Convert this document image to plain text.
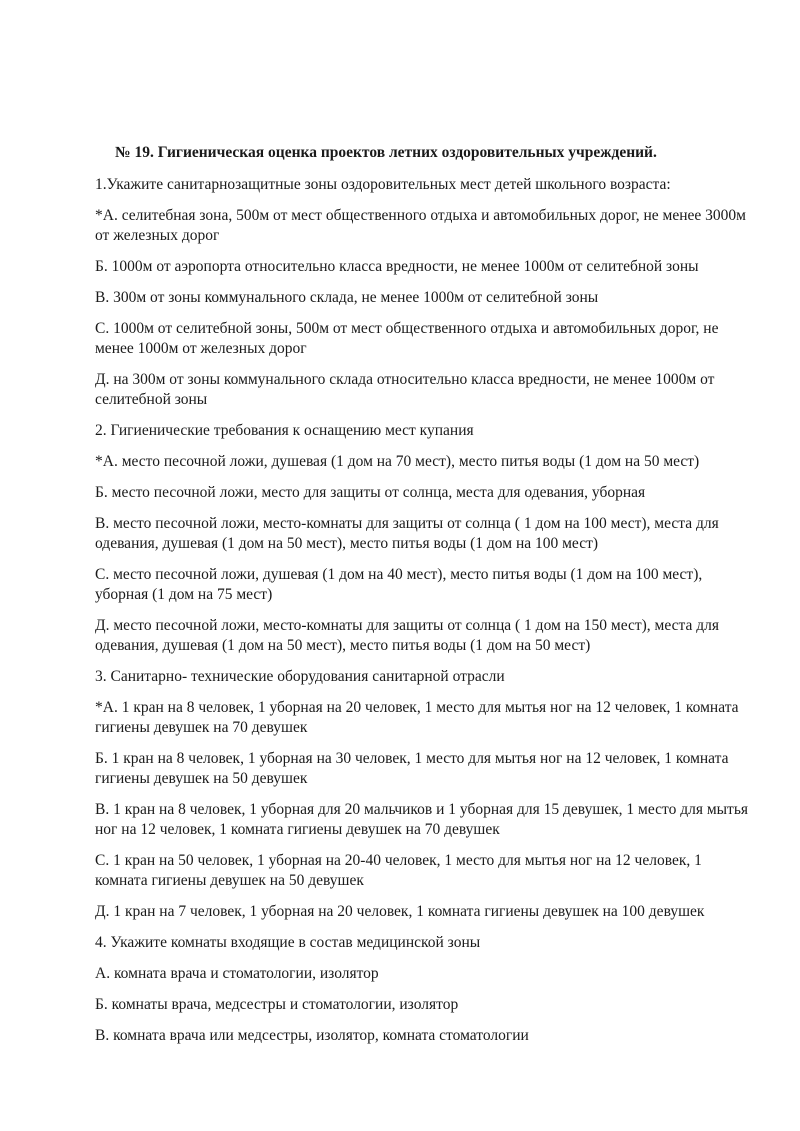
№ 19. Гигиеническая оценка проектов летних оздоровительных учреждений.

1.Укажите санитарнозащитные зоны оздоровительных мест детей школьного возраста:

*А. селитебная зона, 500м от мест общественного отдыха и автомобильных дорог, не менее 3000м от железных дорог

Б. 1000м от аэропорта относительно класса вредности, не менее 1000м от селитебной зоны

В. 300м от зоны коммунального склада, не менее 1000м от селитебной зоны

С. 1000м от селитебной зоны, 500м от мест общественного отдыха и автомобильных дорог, не менее 1000м от железных дорог

Д. на 300м от зоны коммунального склада относительно класса вредности, не менее 1000м от селитебной зоны

2. Гигиенические требования к оснащению мест купания

*А. место песочной ложи, душевая (1 дом на 70 мест), место питья воды (1 дом на 50 мест)

Б. место песочной ложи, место для защиты от солнца, места для одевания, уборная

В. место песочной ложи, место-комнаты для защиты от солнца ( 1 дом на 100 мест), места для одевания, душевая (1 дом на 50 мест), место питья воды (1 дом на 100 мест)

С. место песочной ложи, душевая (1 дом на 40 мест), место питья воды (1 дом на 100 мест), уборная (1 дом на 75 мест)

Д. место песочной ложи, место-комнаты для защиты от солнца ( 1 дом на 150 мест), места для одевания, душевая (1 дом на 50 мест), место питья воды (1 дом на 50 мест)

3. Санитарно- технические оборудования санитарной отрасли

*А. 1 кран на 8 человек, 1 уборная на 20 человек, 1 место для мытья ног на 12 человек, 1 комната гигиены девушек на 70 девушек

Б. 1 кран на 8 человек, 1 уборная на 30 человек, 1 место для мытья ног на 12 человек, 1 комната гигиены девушек на 50 девушек

В. 1 кран на 8 человек, 1 уборная для 20 мальчиков и 1 уборная для 15 девушек, 1 место для мытья ног на 12 человек, 1 комната гигиены девушек на 70 девушек

С. 1 кран на 50 человек, 1 уборная на 20-40 человек, 1 место для мытья ног на 12 человек, 1 комната гигиены девушек на 50 девушек

Д. 1 кран на 7 человек, 1 уборная на 20 человек, 1 комната гигиены девушек на 100 девушек

4. Укажите комнаты входящие в состав медицинской зоны

А. комната врача и стоматологии, изолятор

Б. комнаты врача, медсестры и стоматологии, изолятор

В. комната врача или медсестры, изолятор, комната стоматологии
